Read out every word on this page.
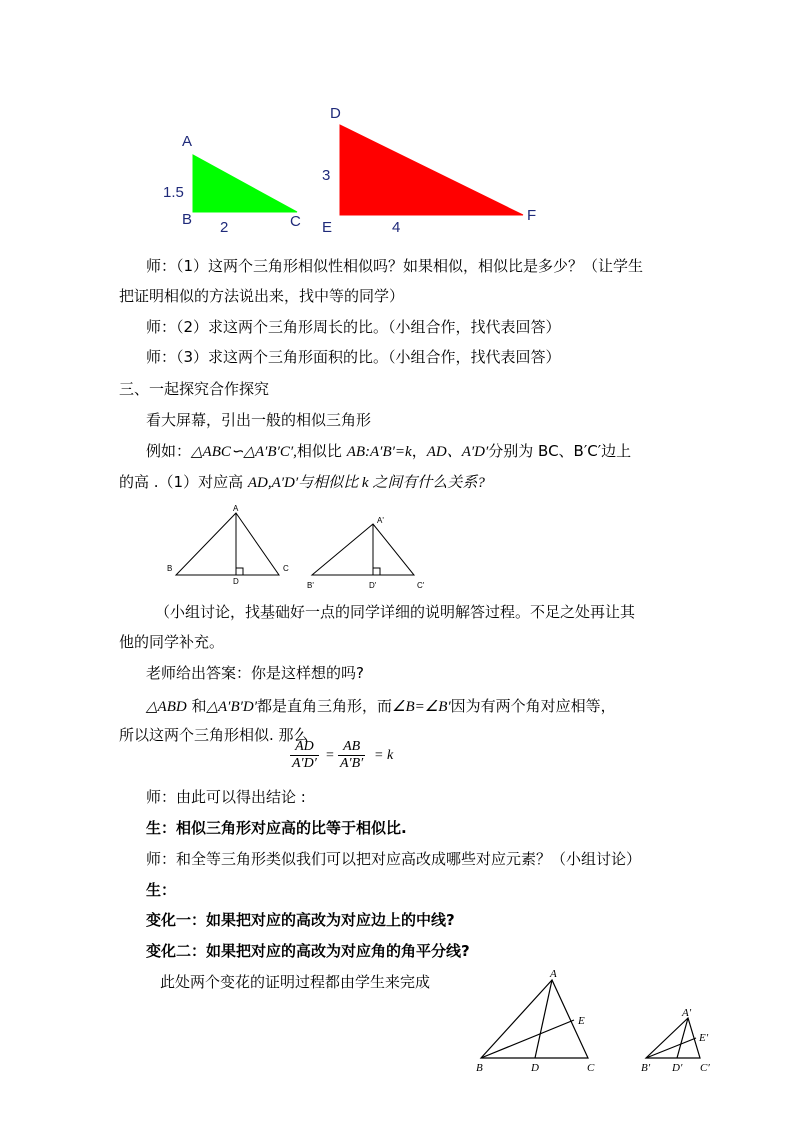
A
B	C
1.5
2
D
E
F
3
4
师：（1）这两个三角形相似性相似吗？如果相似，相似比是多少？（让学生
把证明相似的方法说出来，找中等的同学）
师：（2）求这两个三角形周长的比。（小组合作，找代表回答）
师：（3）求这两个三角形面积的比。（小组合作，找代表回答）
三、一起探究合作探究
看大屏幕，引出一般的相似三角形
例如：△ABC∽△A′B′C′,相似比 AB:A′B′=k，AD、A′D′分别为 BC、B′C′边上
的高 .（1）对应高 AD,A′D′与相似比 k 之间有什么关系?
A
B	C
D
A'
B'	C'
D'
（小组讨论，找基础好一点的同学详细的说明解答过程。不足之处再让其
他的同学补充。
老师给出答案：你是这样想的吗?
△ABD 和△A′B′D′都是直角三角形，而∠B=∠B′因为有两个角对应相等，
所以这两个三角形相似. 那么
$\frac{AD}{A'D'} = \frac{AB}{A'B'} = k$
师：由此可以得出结论 :
生：相似三角形对应高的比等于相似比.
师：和全等三角形类似我们可以把对应高改成哪些对应元素？（小组讨论）
生：
变化一：如果把对应的高改为对应边上的中线?
变化二：如果把对应的高改为对应角的角平分线?
此处两个变花的证明过程都由学生来完成	A
B	C
D
E
A′
B′	C′
D′
E′
